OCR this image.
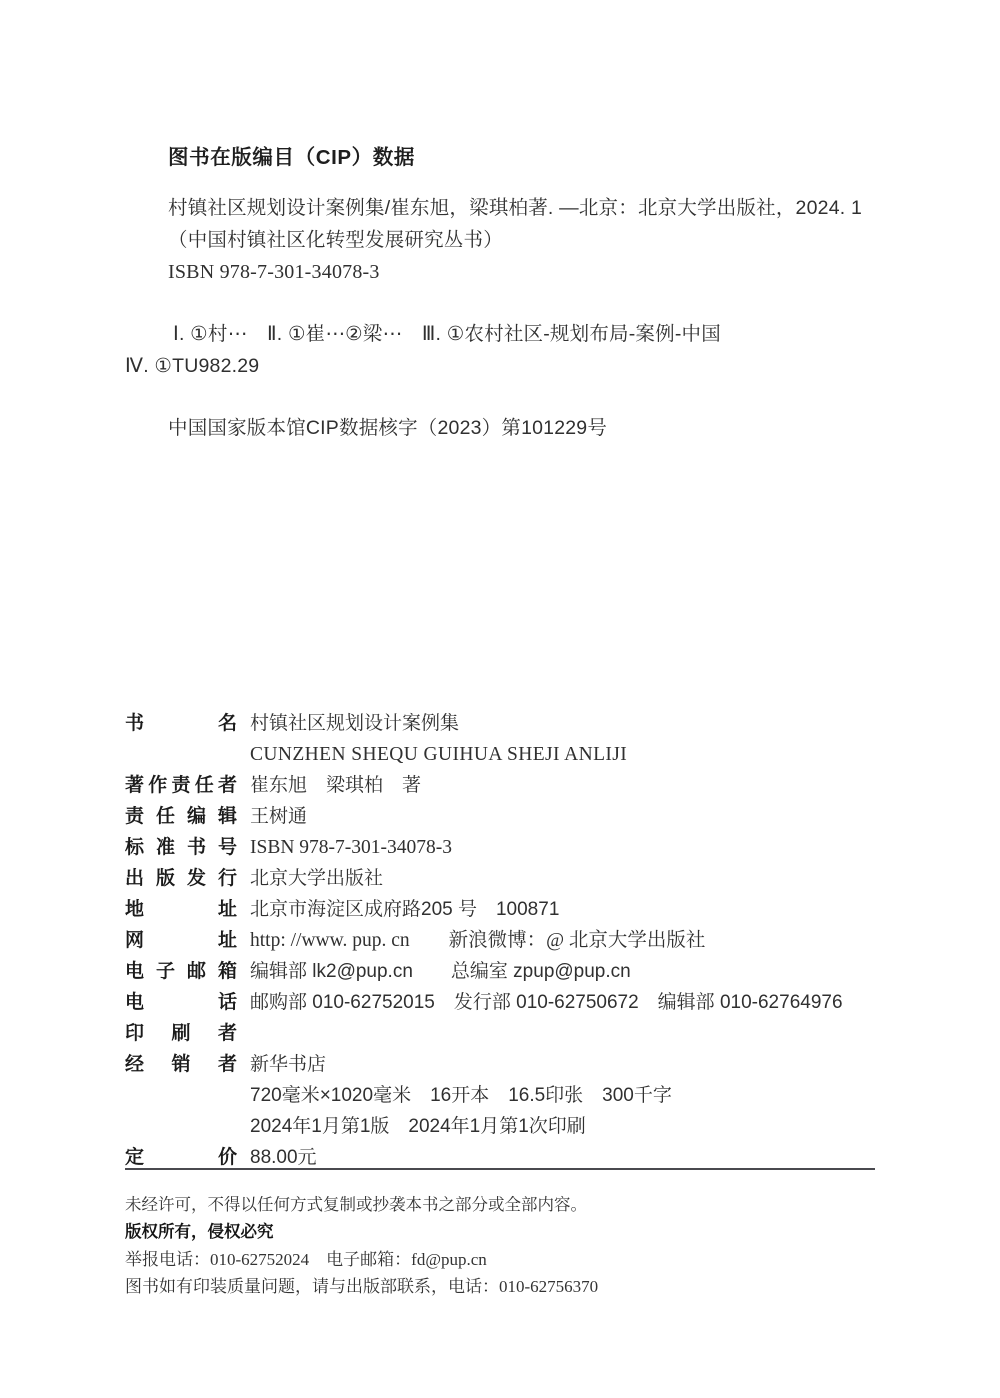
图书在版编目（CIP）数据
村镇社区规划设计案例集/崔东旭，梁琪柏著. —北京：北京大学出版社，2024. 1
（中国村镇社区化转型发展研究丛书）
ISBN 978-7-301-34078-3
Ⅰ. ①村⋯　Ⅱ. ①崔⋯②梁⋯　Ⅲ. ①农村社区-规划布局-案例-中国
Ⅳ. ①TU982.29
中国国家版本馆CIP数据核字（2023）第101229号
书名 村镇社区规划设计案例集
CUNZHEN SHEQU GUIHUA SHEJI ANLIJI
著作责任者 崔东旭　梁琪柏　著
责任编辑 王树通
标准书号 ISBN 978-7-301-34078-3
出版发行 北京大学出版社
地址 北京市海淀区成府路205 号　100871
网址 http: //www. pup. cn　　新浪微博：@ 北京大学出版社
电子邮箱 编辑部 lk2@pup.cn　　总编室 zpup@pup.cn
电话 邮购部 010-62752015　发行部 010-62750672　编辑部 010-62764976
印刷者
经销者 新华书店
720毫米×1020毫米　16开本　16.5印张　300千字
2024年1月第1版　2024年1月第1次印刷
定价 88.00元
未经许可，不得以任何方式复制或抄袭本书之部分或全部内容。
版权所有，侵权必究
举报电话：010-62752024　电子邮箱：fd@pup.cn
图书如有印装质量问题，请与出版部联系，电话：010-62756370
